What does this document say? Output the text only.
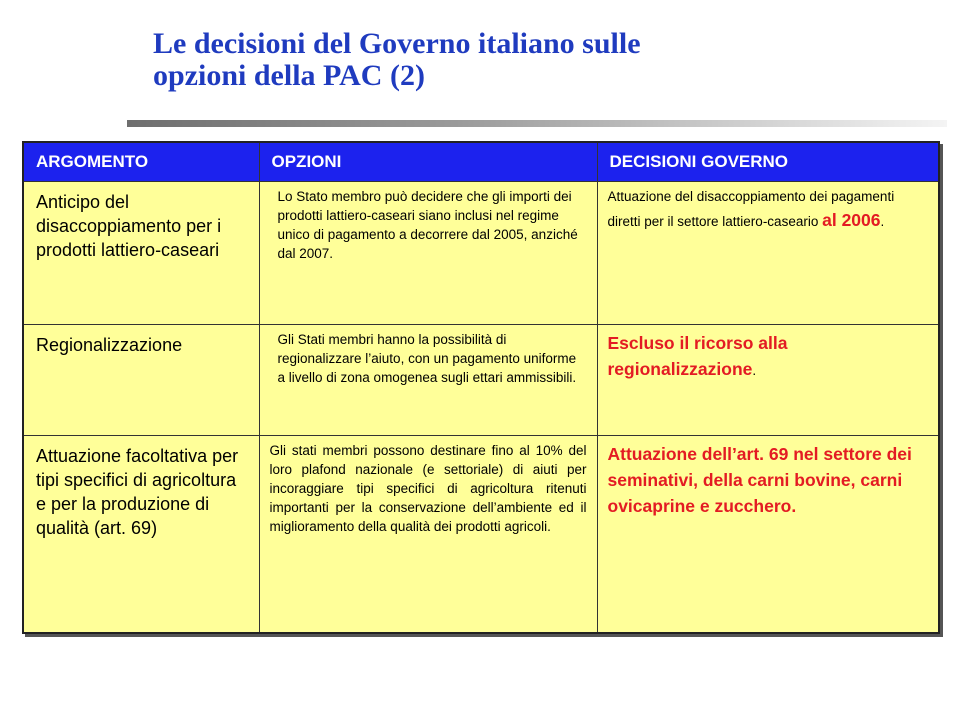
Le decisioni del Governo italiano sulle
opzioni della PAC (2)
ARGOMENTO	OPZIONI	DECISIONI GOVERNO
Anticipo del disaccoppiamento per i prodotti lattiero-caseari	Lo Stato membro può decidere che gli importi dei prodotti lattiero-caseari siano inclusi nel regime unico di pagamento a decorrere dal 2005, anziché dal 2007.	Attuazione del disaccoppiamento dei pagamenti diretti per il settore lattiero-caseario al 2006.
Regionalizzazione	Gli Stati membri hanno la possibilità di regionalizzare l’aiuto, con un pagamento uniforme a livello di zona omogenea sugli ettari ammissibili.	Escluso il ricorso alla regionalizzazione.
Attuazione facoltativa per tipi specifici di agricoltura e per la produzione di qualità (art. 69)	Gli stati membri possono destinare fino al 10% del loro plafond nazionale (e settoriale) di aiuti per incoraggiare tipi specifici di agricoltura ritenuti importanti per la conservazione dell’ambiente ed il miglioramento della qualità dei prodotti agricoli.	Attuazione dell’art. 69 nel settore dei seminativi, della carni bovine, carni ovicaprine e zucchero.
